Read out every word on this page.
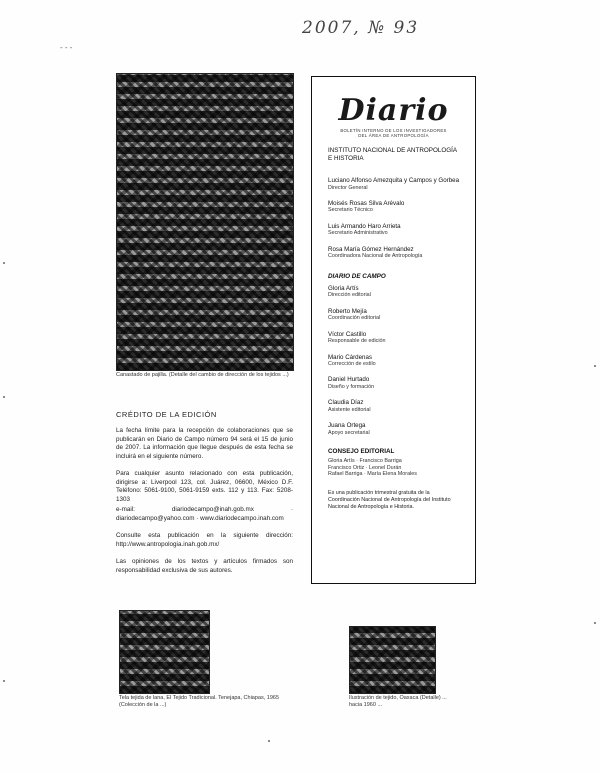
2007, № 93
- - -
Canastado de pajilla. (Detalle del cambio de dirección de los tejidos ...)
CRÉDITO DE LA EDICIÓN
La fecha límite para la recepción de colaboraciones que se publicarán en Diario de Campo número 94 será el 15 de junio de 2007. La información que llegue después de esta fecha se incluirá en el siguiente número.
Para cualquier asunto relacionado con esta publicación, dirigirse a: Liverpool 123, col. Juárez, 06600, México D.F. Teléfono: 5061-9100, 5061-9159 exts. 112 y 113. Fax: 5208-1303
e-mail: diariodecampo@inah.gob.mx · diariodecampo@yahoo.com · www.diariodecampo.inah.com
Consulte esta publicación en la siguiente dirección: http://www.antropologia.inah.gob.mx/
Las opiniones de los textos y artículos firmados son responsabilidad exclusiva de sus autores.
Diario
BOLETÍN INTERNO DE LOS INVESTIGADORES
DEL ÁREA DE ANTROPOLOGÍA
INSTITUTO NACIONAL DE ANTROPOLOGÍA E HISTORIA
Luciano Alfonso Amezquita y Campos y Gorbea
Director General
Moisés Rosas Silva Arévalo
Secretario Técnico
Luis Armando Haro Arrieta
Secretario Administrativo
Rosa María Gómez Hernández
Coordinadora Nacional de Antropología
DIARIO DE CAMPO
Gloria Artís
Dirección editorial
Roberto Mejía
Coordinación editorial
Víctor Castillo
Responsable de edición
Mario Cárdenas
Corrección de estilo
Daniel Hurtado
Diseño y formación
Claudia Díaz
Asistente editorial
Juana Ortega
Apoyo secretarial
CONSEJO EDITORIAL
Gloria Artís · Francisco Barriga
Francisco Ortiz · Leonel Durán
Rafael Barriga · María Elena Morales
Es una publicación trimestral gratuita de la Coordinación Nacional de Antropología del Instituto Nacional de Antropología e Historia.
Tela tejida de lana, El Tejido Tradicional. Tenejapa, Chiapas, 1965 (Colección de la ...)
Ilustración de tejido, Oaxaca (Detalle) ... hacia 1960 ...
